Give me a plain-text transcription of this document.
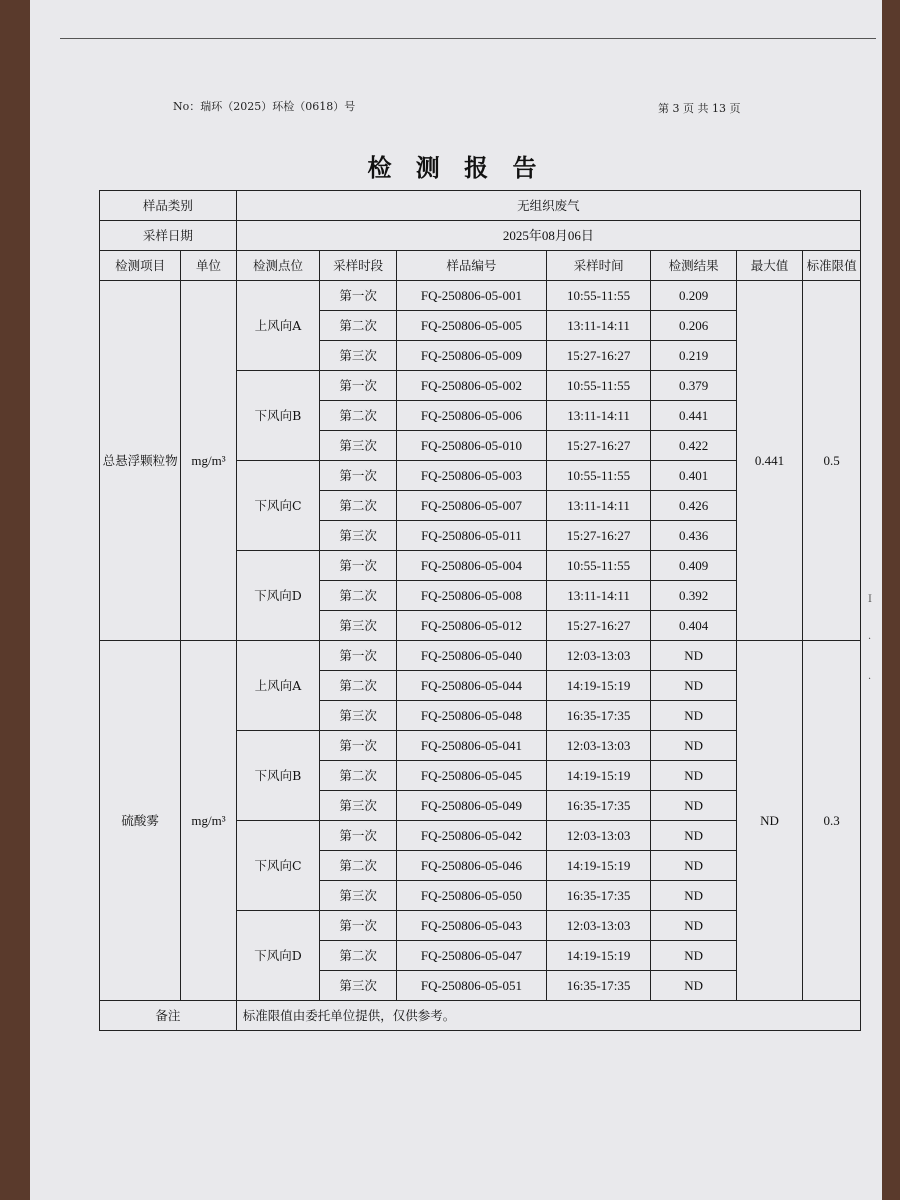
No：瑞环（2025）环检（0618）号	第 3 页 共 13 页
检 测 报 告
样品类别		无组织废气						
采样日期		2025年08月06日						
检测项目	单位	检测点位	采样时段	样品编号	采样时间	检测结果	最大值	标准限值
总悬浮颗粒物	mg/m³	上风向A	第一次	FQ-250806-05-001	10:55-11:55	0.209	0.441	0.5
			第二次	FQ-250806-05-005	13:11-14:11	0.206		
			第三次	FQ-250806-05-009	15:27-16:27	0.219		
		下风向B	第一次	FQ-250806-05-002	10:55-11:55	0.379		
			第二次	FQ-250806-05-006	13:11-14:11	0.441		
			第三次	FQ-250806-05-010	15:27-16:27	0.422		
		下风向C	第一次	FQ-250806-05-003	10:55-11:55	0.401		
			第二次	FQ-250806-05-007	13:11-14:11	0.426		
			第三次	FQ-250806-05-011	15:27-16:27	0.436		
		下风向D	第一次	FQ-250806-05-004	10:55-11:55	0.409		
			第二次	FQ-250806-05-008	13:11-14:11	0.392		
			第三次	FQ-250806-05-012	15:27-16:27	0.404		
硫酸雾	mg/m³	上风向A	第一次	FQ-250806-05-040	12:03-13:03	ND	ND	0.3
			第二次	FQ-250806-05-044	14:19-15:19	ND		
			第三次	FQ-250806-05-048	16:35-17:35	ND		
		下风向B	第一次	FQ-250806-05-041	12:03-13:03	ND		
			第二次	FQ-250806-05-045	14:19-15:19	ND		
			第三次	FQ-250806-05-049	16:35-17:35	ND		
		下风向C	第一次	FQ-250806-05-042	12:03-13:03	ND		
			第二次	FQ-250806-05-046	14:19-15:19	ND		
			第三次	FQ-250806-05-050	16:35-17:35	ND		
		下风向D	第一次	FQ-250806-05-043	12:03-13:03	ND		
			第二次	FQ-250806-05-047	14:19-15:19	ND		
			第三次	FQ-250806-05-051	16:35-17:35	ND		
备注		标准限值由委托单位提供，仅供参考。						
I
·
·
